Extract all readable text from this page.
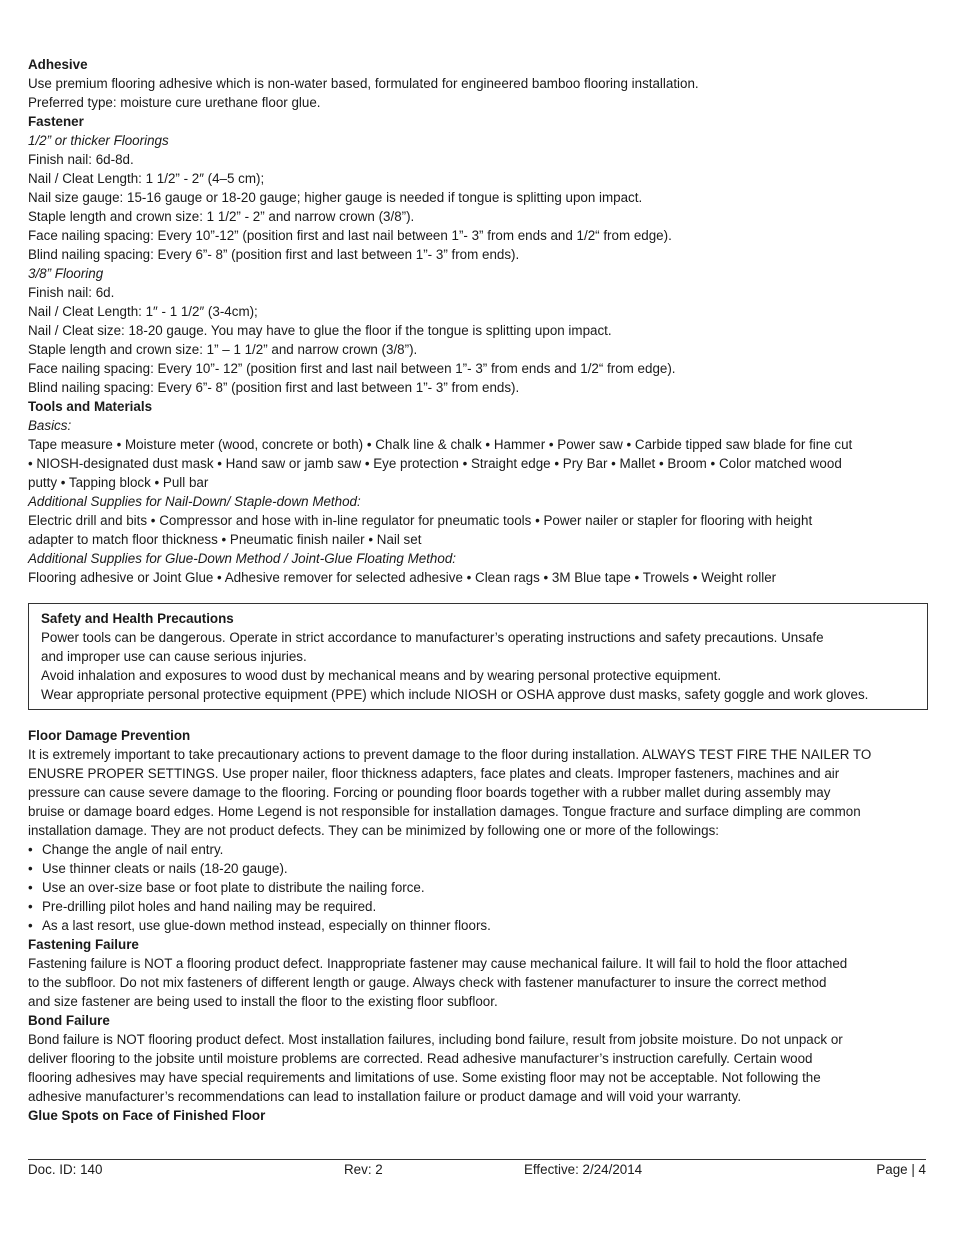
Adhesive
Use premium flooring adhesive which is non-water based, formulated for engineered bamboo flooring installation.
Preferred type: moisture cure urethane floor glue.
Fastener
1/2” or thicker Floorings
Finish nail: 6d-8d.
Nail / Cleat Length: 1 1/2” - 2″ (4–5 cm);
Nail size gauge: 15-16 gauge or 18-20 gauge; higher gauge is needed if tongue is splitting upon impact.
Staple length and crown size: 1 1/2” - 2” and narrow crown (3/8”).
Face nailing spacing: Every 10”-12” (position first and last nail between 1”- 3” from ends and 1/2“ from edge).
Blind nailing spacing: Every 6”- 8” (position first and last between 1”- 3” from ends).
3/8” Flooring
Finish nail: 6d.
Nail / Cleat Length: 1″ - 1 1/2″ (3-4cm);
Nail / Cleat size: 18-20 gauge. You may have to glue the floor if the tongue is splitting upon impact.
Staple length and crown size: 1” – 1 1/2” and narrow crown (3/8”).
Face nailing spacing: Every 10”- 12” (position first and last nail between 1”- 3” from ends and 1/2“ from edge).
Blind nailing spacing: Every 6”- 8” (position first and last between 1”- 3” from ends).
Tools and Materials
Basics:
Tape measure • Moisture meter (wood, concrete or both) • Chalk line & chalk • Hammer • Power saw • Carbide tipped saw blade for fine cut
• NIOSH-designated dust mask • Hand saw or jamb saw • Eye protection • Straight edge • Pry Bar • Mallet • Broom • Color matched wood
putty • Tapping block • Pull bar
Additional Supplies for Nail-Down/ Staple-down Method:
Electric drill and bits • Compressor and hose with in-line regulator for pneumatic tools • Power nailer or stapler for flooring with height
adapter to match floor thickness • Pneumatic finish nailer • Nail set
Additional Supplies for Glue-Down Method / Joint-Glue Floating Method:
Flooring adhesive or Joint Glue • Adhesive remover for selected adhesive • Clean rags • 3M Blue tape • Trowels • Weight roller
Safety and Health Precautions
Power tools can be dangerous. Operate in strict accordance to manufacturer’s operating instructions and safety precautions. Unsafe
and improper use can cause serious injuries.
Avoid inhalation and exposures to wood dust by mechanical means and by wearing personal protective equipment.
Wear appropriate personal protective equipment (PPE) which include NIOSH or OSHA approve dust masks, safety goggle and work gloves.
Floor Damage Prevention
It is extremely important to take precautionary actions to prevent damage to the floor during installation. ALWAYS TEST FIRE THE NAILER TO
ENUSRE PROPER SETTINGS. Use proper nailer, floor thickness adapters, face plates and cleats. Improper fasteners, machines and air
pressure can cause severe damage to the flooring. Forcing or pounding floor boards together with a rubber mallet during assembly may
bruise or damage board edges. Home Legend is not responsible for installation damages. Tongue fracture and surface dimpling are common
installation damage. They are not product defects. They can be minimized by following one or more of the followings:
• Change the angle of nail entry.
• Use thinner cleats or nails (18-20 gauge).
• Use an over-size base or foot plate to distribute the nailing force.
• Pre-drilling pilot holes and hand nailing may be required.
• As a last resort, use glue-down method instead, especially on thinner floors.
Fastening Failure
Fastening failure is NOT a flooring product defect. Inappropriate fastener may cause mechanical failure. It will fail to hold the floor attached
to the subfloor. Do not mix fasteners of different length or gauge. Always check with fastener manufacturer to insure the correct method
and size fastener are being used to install the floor to the existing floor subfloor.
Bond Failure
Bond failure is NOT flooring product defect. Most installation failures, including bond failure, result from jobsite moisture. Do not unpack or
deliver flooring to the jobsite until moisture problems are corrected. Read adhesive manufacturer’s instruction carefully. Certain wood
flooring adhesives may have special requirements and limitations of use. Some existing floor may not be acceptable. Not following the
adhesive manufacturer’s recommendations can lead to installation failure or product damage and will void your warranty.
Glue Spots on Face of Finished Floor
Doc. ID: 140	Rev: 2	Effective: 2/24/2014	Page | 4
